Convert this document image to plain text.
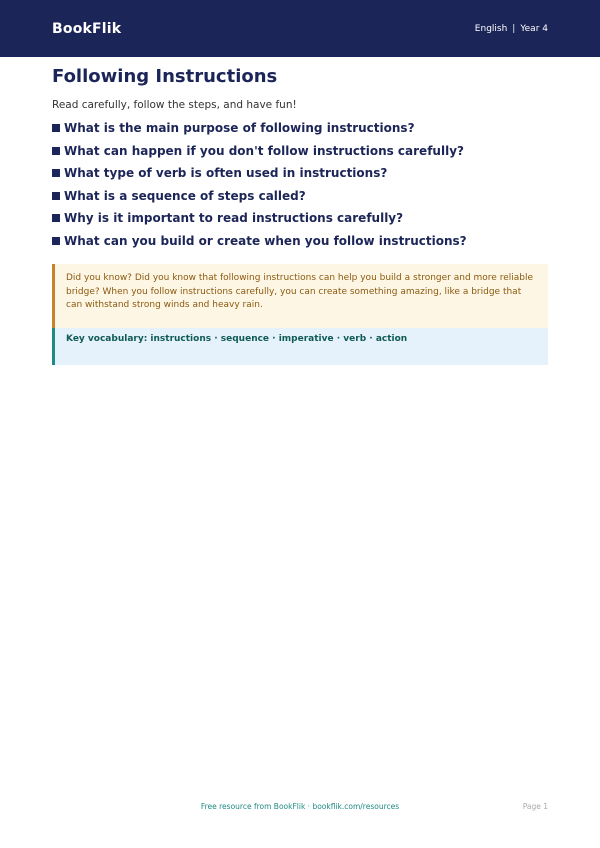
BookFlik	English | Year 4
Following Instructions

Read carefully, follow the steps, and have fun!

What is the main purpose of following instructions?
What can happen if you don't follow instructions carefully?
What type of verb is often used in instructions?
What is a sequence of steps called?
Why is it important to read instructions carefully?
What can you build or create when you follow instructions?
Did you know? Did you know that following instructions can help you build a stronger and more reliable bridge? When you follow instructions carefully, you can create something amazing, like a bridge that can withstand strong winds and heavy rain.
Key vocabulary: instructions · sequence · imperative · verb · action
Free resource from BookFlik · bookflik.com/resources	Page 1
